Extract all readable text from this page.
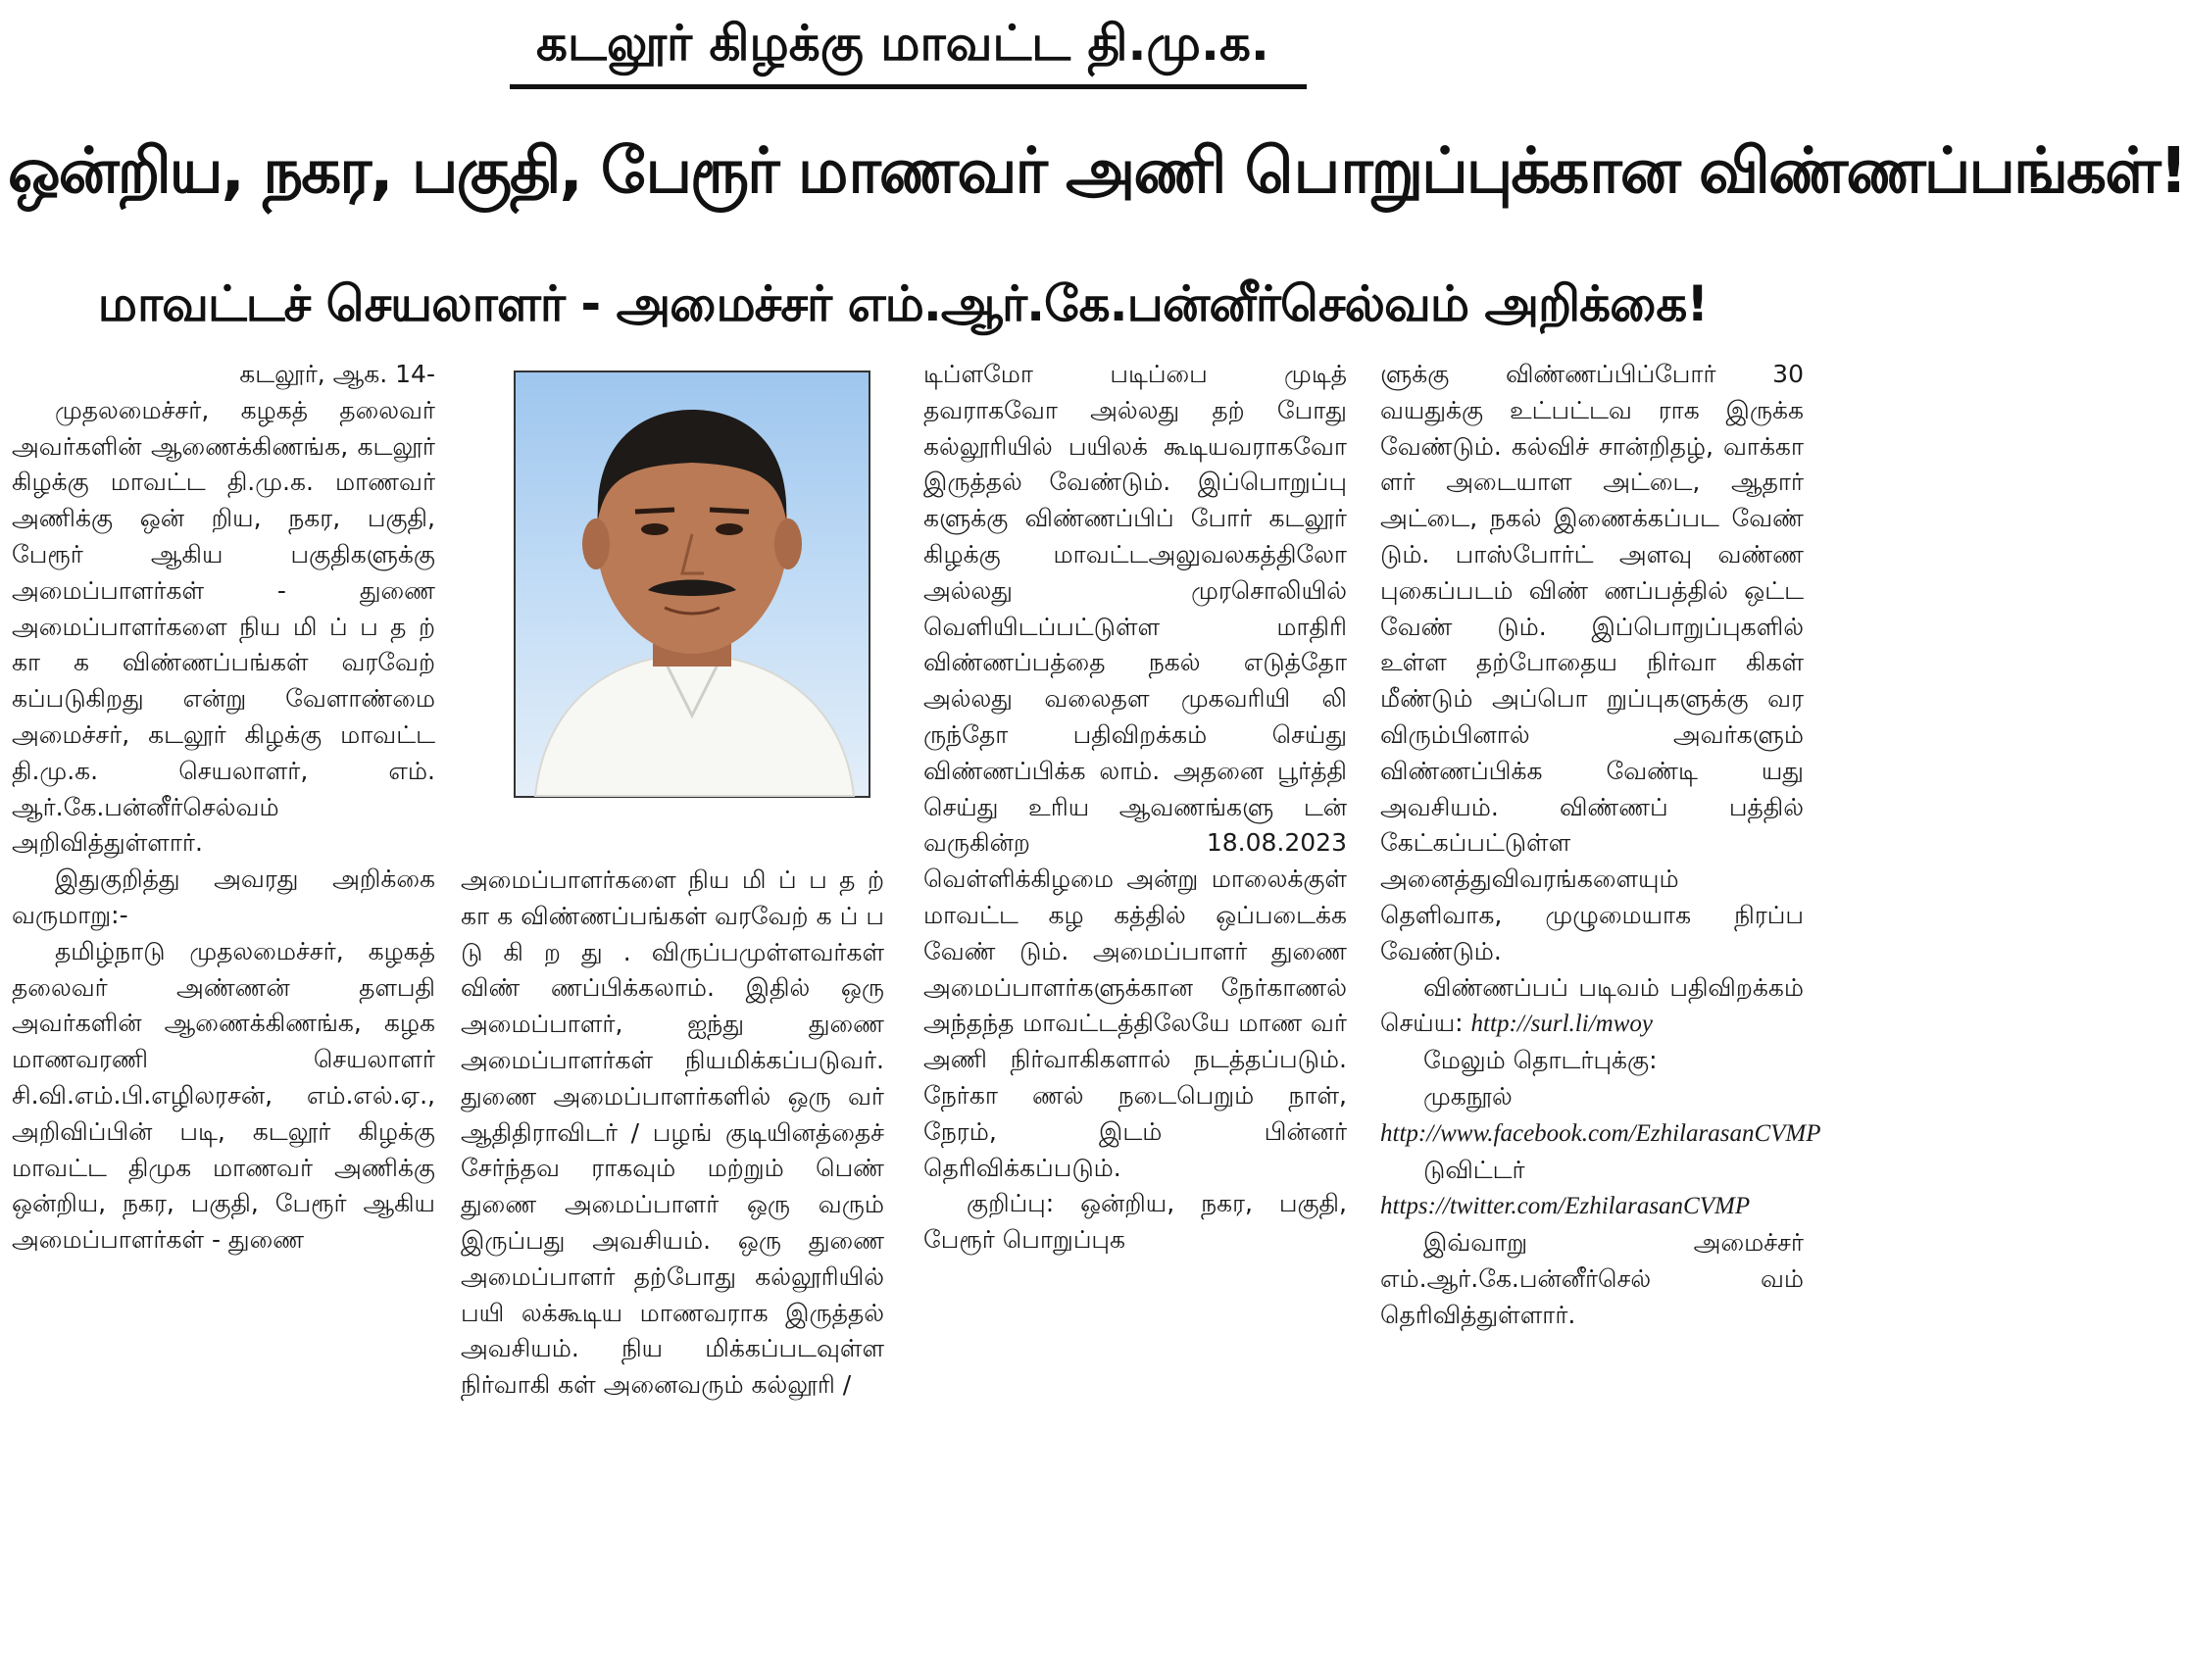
கடலூர் கிழக்கு மாவட்ட தி.மு.க.
ஒன்றிய, நகர, பகுதி, பேரூர் மாணவர் அணி பொறுப்புக்கான விண்ணப்பங்கள்!
மாவட்டச் செயலாளர் - அமைச்சர் எம்.ஆர்.கே.பன்னீர்செல்வம் அறிக்கை!

கடலூர், ஆக. 14-

முதலமைச்சர், கழகத் தலைவர் அவர்களின் ஆணைக்கிணங்க, கடலூர் கிழக்கு மாவட்ட தி.மு.க. மாணவர் அணிக்கு ஒன் றிய, நகர, பகுதி, பேரூர் ஆகிய பகுதிகளுக்கு அமைப்பாளர்கள் - துணை அமைப்பாளர்களை நிய மி ப் ப த ற் கா க விண்ணப்பங்கள் வரவேற் கப்படுகிறது என்று வேளாண்மை அமைச்சர், கடலூர் கிழக்கு மாவட்ட தி.மு.க. செயலாளர், எம். ஆர்.கே.பன்னீர்செல்வம் அறிவித்துள்ளார்.

இதுகுறித்து அவரது அறிக்கை வருமாறு:-

தமிழ்நாடு முதலமைச்சர், கழகத் தலைவர் அண்ணன் தளபதி அவர்களின் ஆணைக்கிணங்க, கழக மாணவரணி செயலாளர் சி.வி.எம்.பி.எழிலரசன், எம்.எல்.ஏ., அறிவிப்பின் படி, கடலூர் கிழக்கு மாவட்ட திமுக மாணவர் அணிக்கு ஒன்றிய, நகர, பகுதி, பேரூர் ஆகிய அமைப்பாளர்கள் - துணை

அமைப்பாளர்களை நிய மி ப் ப த ற் கா க விண்ணப்பங்கள் வரவேற் க ப் ப டு கி ற து . விருப்பமுள்ளவர்கள் விண் ணப்பிக்கலாம். இதில் ஒரு அமைப்பாளர், ஐந்து துணை அமைப்பாளர்கள் நியமிக்கப்படுவர். துணை அமைப்பாளர்களில் ஒரு வர் ஆதிதிராவிடர் / பழங் குடியினத்தைச் சேர்ந்தவ ராகவும் மற்றும் பெண் துணை அமைப்பாளர் ஒரு வரும் இருப்பது அவசியம். ஒரு துணை அமைப்பாளர் தற்போது கல்லூரியில் பயி லக்கூடிய மாணவராக இருத்தல் அவசியம். நிய மிக்கப்படவுள்ள நிர்வாகி கள் அனைவரும் கல்லூரி /

டிப்ளமோ படிப்பை முடித் தவராகவோ அல்லது தற் போது கல்லூரியில் பயிலக் கூடியவராகவோ இருத்தல் வேண்டும். இப்பொறுப்பு களுக்கு விண்ணப்பிப் போர் கடலூர் கிழக்கு மாவட்டஅலுவலகத்திலோ அல்லது முரசொலியில் வெளியிடப்பட்டுள்ள மாதிரி விண்ணப்பத்தை நகல் எடுத்தோ அல்லது வலைதள முகவரியி லி ருந்தோ பதிவிறக்கம் செய்து விண்ணப்பிக்க லாம். அதனை பூர்த்தி செய்து உரிய ஆவணங்களு டன் வருகின்ற 18.08.2023 வெள்ளிக்கிழமை அன்று மாலைக்குள் மாவட்ட கழ கத்தில் ஒப்படைக்க வேண் டும். அமைப்பாளர் துணை அமைப்பாளர்களுக்கான நேர்காணல் அந்தந்த மாவட்டத்திலேயே மாண வர் அணி நிர்வாகிகளால் நடத்தப்படும். நேர்கா ணல் நடைபெறும் நாள், நேரம், இடம் பின்னர் தெரிவிக்கப்படும்.

குறிப்பு: ஒன்றிய, நகர, பகுதி, பேரூர் பொறுப்புக

ளுக்கு விண்ணப்பிப்போர் 30 வயதுக்கு உட்பட்டவ ராக இருக்க வேண்டும். கல்விச் சான்றிதழ், வாக்கா ளர் அடையாள அட்டை, ஆதார் அட்டை, நகல் இணைக்கப்பட வேண் டும். பாஸ்போர்ட் அளவு வண்ண புகைப்படம் விண் ணப்பத்தில் ஒட்ட வேண் டும். இப்பொறுப்புகளில் உள்ள தற்போதைய நிர்வா கிகள் மீண்டும் அப்பொ றுப்புகளுக்கு வர விரும்பினால் அவர்களும் விண்ணப்பிக்க வேண்டி யது அவசியம். விண்ணப் பத்தில் கேட்கப்பட்டுள்ள அனைத்துவிவரங்களையும் தெளிவாக, முழுமையாக நிரப்ப வேண்டும்.

விண்ணப்பப் படிவம் பதிவிறக்கம் செய்ய: http://surl.li/mwoy

மேலும் தொடர்புக்கு:

முகநூல் http://www.facebook.com/EzhilarasanCVMP

டுவிட்டர் https://twitter.com/EzhilarasanCVMP

இவ்வாறு அமைச்சர் எம்.ஆர்.கே.பன்னீர்செல் வம் தெரிவித்துள்ளார்.
